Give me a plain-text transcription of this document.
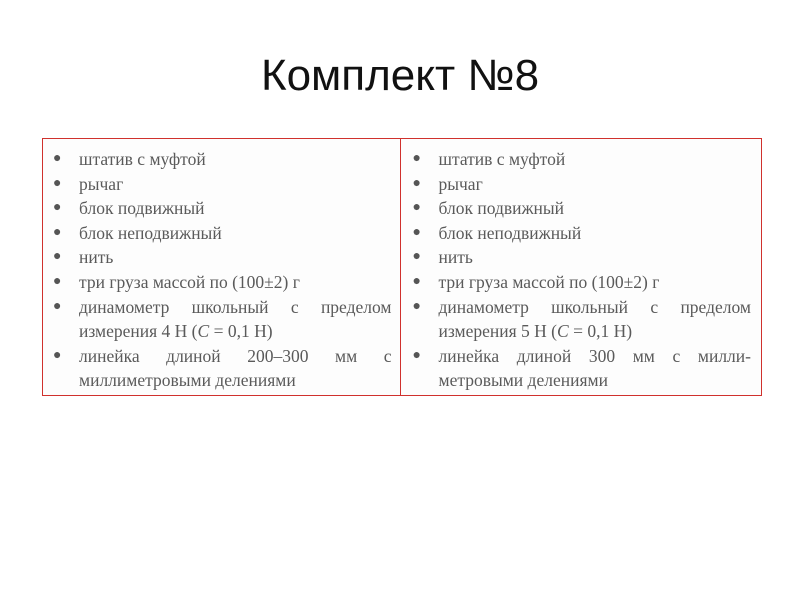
Комплект №8
●	штатив с муфтой
●	рычаг
●	блок подвижный
●	блок неподвижный
●	нить
●	три груза массой по (100±2) г
●	динамометр школьный с пределом измерения 4 Н (C = 0,1 Н)
●	линейка длиной 200–300 мм с миллиметровыми делениями
●	штатив с муфтой
●	рычаг
●	блок подвижный
●	блок неподвижный
●	нить
●	три груза массой по (100±2) г
●	динамометр школьный с пределом измерения 5 Н (C = 0,1 Н)
●	линейка длиной 300 мм с милли-метровыми делениями
